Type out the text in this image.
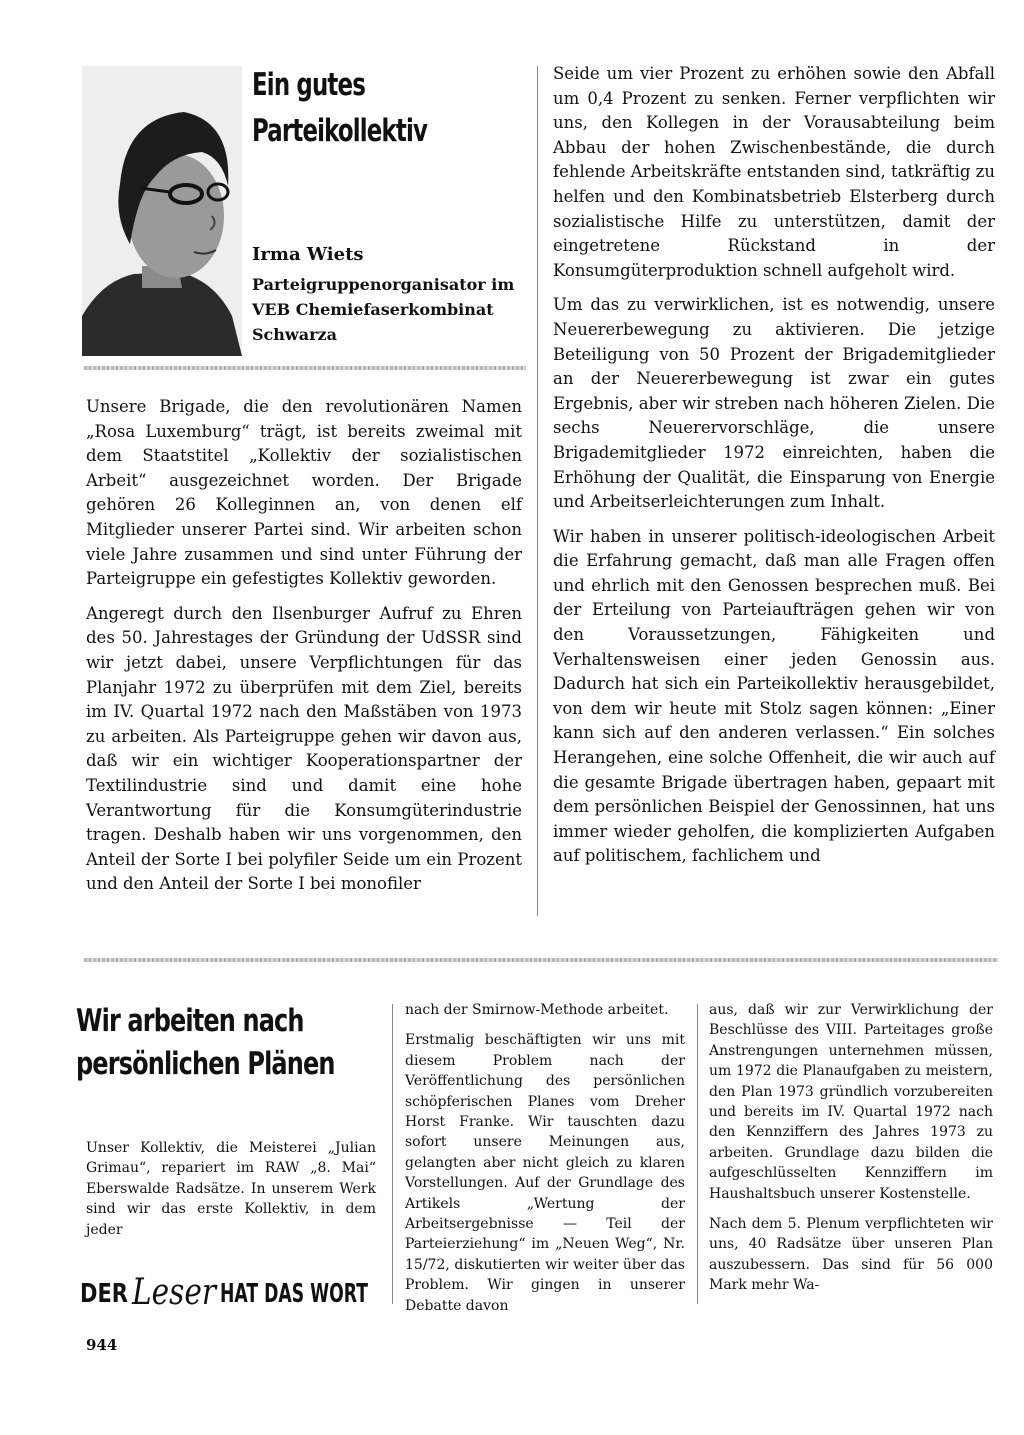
Ein gutes Parteikollektiv
Irma Wiets
Parteigruppenorganisator im VEB Chemiefaserkombinat Schwarza

Unsere Brigade, die den revolutionären Namen „Rosa Luxemburg“ trägt, ist bereits zweimal mit dem Staatstitel „Kollektiv der sozialistischen Arbeit“ ausgezeichnet worden. Der Brigade gehören 26 Kolleginnen an, von denen elf Mitglieder unserer Partei sind. Wir arbeiten schon viele Jahre zusammen und sind unter Führung der Parteigruppe ein gefestigtes Kollektiv geworden.

Angeregt durch den Ilsenburger Aufruf zu Ehren des 50. Jahrestages der Gründung der UdSSR sind wir jetzt dabei, unsere Verpflichtungen für das Planjahr 1972 zu überprüfen mit dem Ziel, bereits im IV. Quartal 1972 nach den Maßstäben von 1973 zu arbeiten. Als Parteigruppe gehen wir davon aus, daß wir ein wichtiger Kooperationspartner der Textilindustrie sind und damit eine hohe Verantwortung für die Konsumgüterindustrie tragen. Deshalb haben wir uns vorgenommen, den Anteil der Sorte I bei polyfiler Seide um ein Prozent und den Anteil der Sorte I bei monofiler

Seide um vier Prozent zu erhöhen sowie den Abfall um 0,4 Prozent zu senken. Ferner verpflichten wir uns, den Kollegen in der Vorausabteilung beim Abbau der hohen Zwischenbestände, die durch fehlende Arbeitskräfte entstanden sind, tatkräftig zu helfen und den Kombinatsbetrieb Elsterberg durch sozialistische Hilfe zu unterstützen, damit der eingetretene Rückstand in der Konsumgüterproduktion schnell aufgeholt wird.

Um das zu verwirklichen, ist es notwendig, unsere Neuererbewegung zu aktivieren. Die jetzige Beteiligung von 50 Prozent der Brigademitglieder an der Neuererbewegung ist zwar ein gutes Ergebnis, aber wir streben nach höheren Zielen. Die sechs Neuerervorschläge, die unsere Brigademitglieder 1972 einreichten, haben die Erhöhung der Qualität, die Einsparung von Energie und Arbeitserleichterungen zum Inhalt.

Wir haben in unserer politisch-ideologischen Arbeit die Erfahrung gemacht, daß man alle Fragen offen und ehrlich mit den Genossen besprechen muß. Bei der Erteilung von Parteiaufträgen gehen wir von den Voraussetzungen, Fähigkeiten und Verhaltensweisen einer jeden Genossin aus. Dadurch hat sich ein Parteikollektiv herausgebildet, von dem wir heute mit Stolz sagen können: „Einer kann sich auf den anderen verlassen.“ Ein solches Herangehen, eine solche Offenheit, die wir auch auf die gesamte Brigade übertragen haben, gepaart mit dem persönlichen Beispiel der Genossinnen, hat uns immer wieder geholfen, die komplizierten Aufgaben auf politischem, fachlichem und

Wir arbeiten nach persönlichen Plänen

Unser Kollektiv, die Meisterei „Julian Grimau“, repariert im RAW „8. Mai“ Eberswalde Radsätze. In unserem Werk sind wir das erste Kollektiv, in dem jeder

nach der Smirnow-Methode arbeitet.

Erstmalig beschäftigten wir uns mit diesem Problem nach der Veröffentlichung des persönlichen schöpferischen Planes vom Dreher Horst Franke. Wir tauschten dazu sofort unsere Meinungen aus, gelangten aber nicht gleich zu klaren Vorstellungen. Auf der Grundlage des Artikels „Wertung der Arbeitsergebnisse — Teil der Parteierziehung“ im „Neuen Weg“, Nr. 15/72, diskutierten wir weiter über das Problem. Wir gingen in unserer Debatte davon

aus, daß wir zur Verwirklichung der Beschlüsse des VIII. Parteitages große Anstrengungen unternehmen müssen, um 1972 die Planaufgaben zu meistern, den Plan 1973 gründlich vorzubereiten und bereits im IV. Quartal 1972 nach den Kennziffern des Jahres 1973 zu arbeiten. Grundlage dazu bilden die aufgeschlüsselten Kennziffern im Haushaltsbuch unserer Kostenstelle.

Nach dem 5. Plenum verpflichteten wir uns, 40 Radsätze über unseren Plan auszubessern. Das sind für 56 000 Mark mehr Wa-

DER Leser HAT DAS WORT
944
